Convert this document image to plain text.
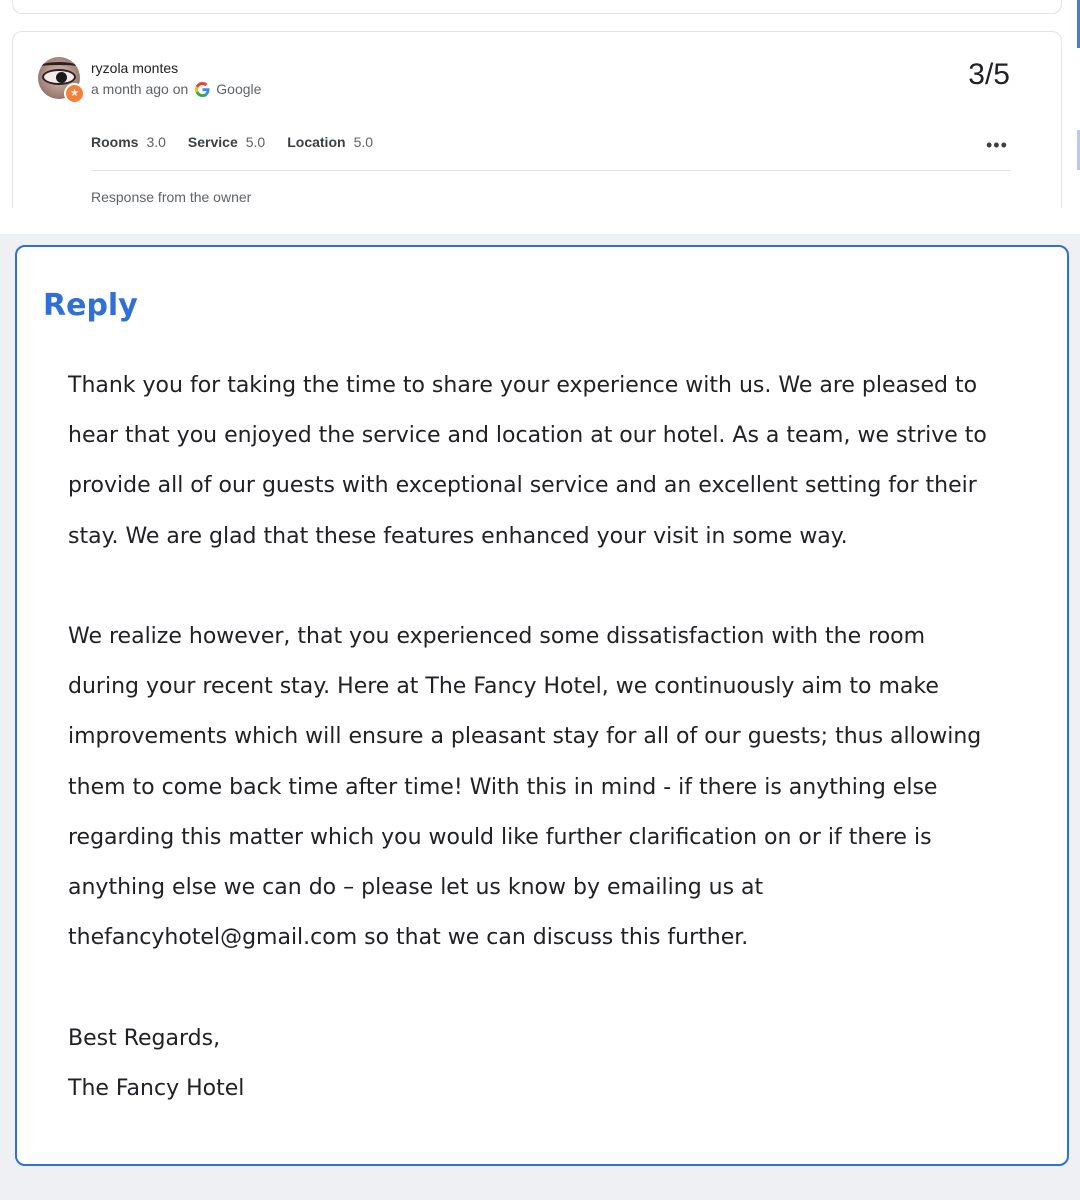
★
ryzola montes
a month ago on Google	3/5
Rooms 3.0 Service 5.0 Location 5.0	•••
Response from the owner
Reply

Thank you for taking the time to share your experience with us. We are pleased to

hear that you enjoyed the service and location at our hotel. As a team, we strive to

provide all of our guests with exceptional service and an excellent setting for their

stay. We are glad that these features enhanced your visit in some way.

We realize however, that you experienced some dissatisfaction with the room

during your recent stay. Here at The Fancy Hotel, we continuously aim to make

improvements which will ensure a pleasant stay for all of our guests; thus allowing

them to come back time after time! With this in mind - if there is anything else

regarding this matter which you would like further clarification on or if there is

anything else we can do – please let us know by emailing us at

thefancyhotel@gmail.com so that we can discuss this further.

Best Regards,

The Fancy Hotel
